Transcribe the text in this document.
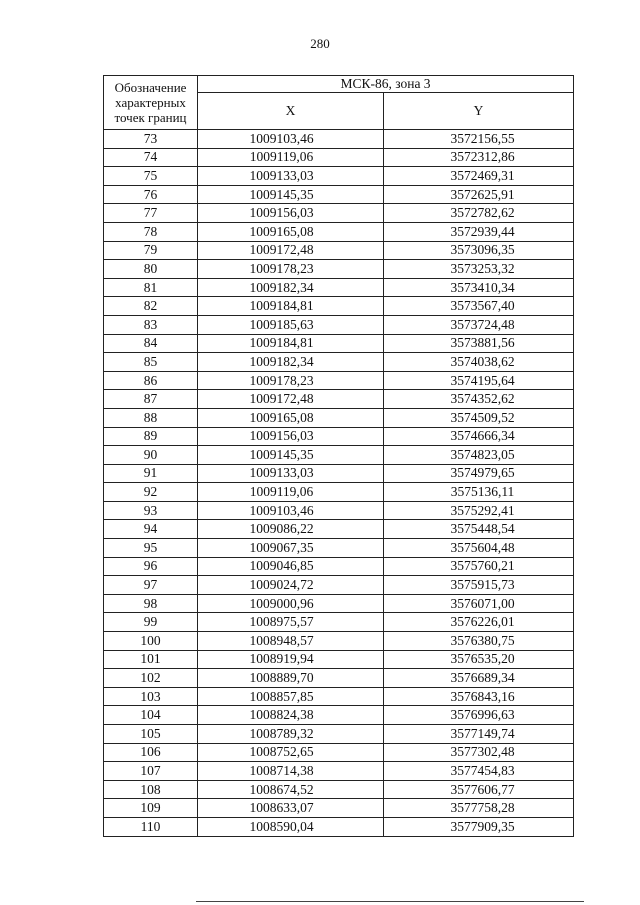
280
Обозначение характерных точек границ	МСК-86, зона 3	
	X	Y
73	1009103,46	3572156,55
74	1009119,06	3572312,86
75	1009133,03	3572469,31
76	1009145,35	3572625,91
77	1009156,03	3572782,62
78	1009165,08	3572939,44
79	1009172,48	3573096,35
80	1009178,23	3573253,32
81	1009182,34	3573410,34
82	1009184,81	3573567,40
83	1009185,63	3573724,48
84	1009184,81	3573881,56
85	1009182,34	3574038,62
86	1009178,23	3574195,64
87	1009172,48	3574352,62
88	1009165,08	3574509,52
89	1009156,03	3574666,34
90	1009145,35	3574823,05
91	1009133,03	3574979,65
92	1009119,06	3575136,11
93	1009103,46	3575292,41
94	1009086,22	3575448,54
95	1009067,35	3575604,48
96	1009046,85	3575760,21
97	1009024,72	3575915,73
98	1009000,96	3576071,00
99	1008975,57	3576226,01
100	1008948,57	3576380,75
101	1008919,94	3576535,20
102	1008889,70	3576689,34
103	1008857,85	3576843,16
104	1008824,38	3576996,63
105	1008789,32	3577149,74
106	1008752,65	3577302,48
107	1008714,38	3577454,83
108	1008674,52	3577606,77
109	1008633,07	3577758,28
110	1008590,04	3577909,35
